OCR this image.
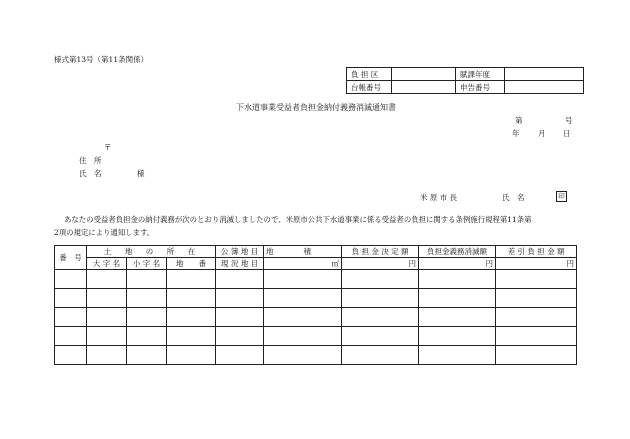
様式第13号（第11条関係）
負 担 区		賦課年度	
台帳番号		申告番号	
下水道事業受益者負担金納付義務消滅通知書
第	号
年 月 日
〒
住　所
氏　名	様
米 原 市 長	氏　名	印
あなたの受益者負担金の納付義務が次のとおり消滅しましたので、米原市公共下水道事業に係る受益者の負担に関する条例施行規程第11条第
2項の規定により通知します。
番　号	土　地　の　所　在			公 簿 地 目	地　　　　積	負 担 金 決 定 額	負担金義務消滅額	差 引 負 担 金 額
	大 字 名	小 字 名	地　　番	現 況 地 目	㎡	円	円	円
